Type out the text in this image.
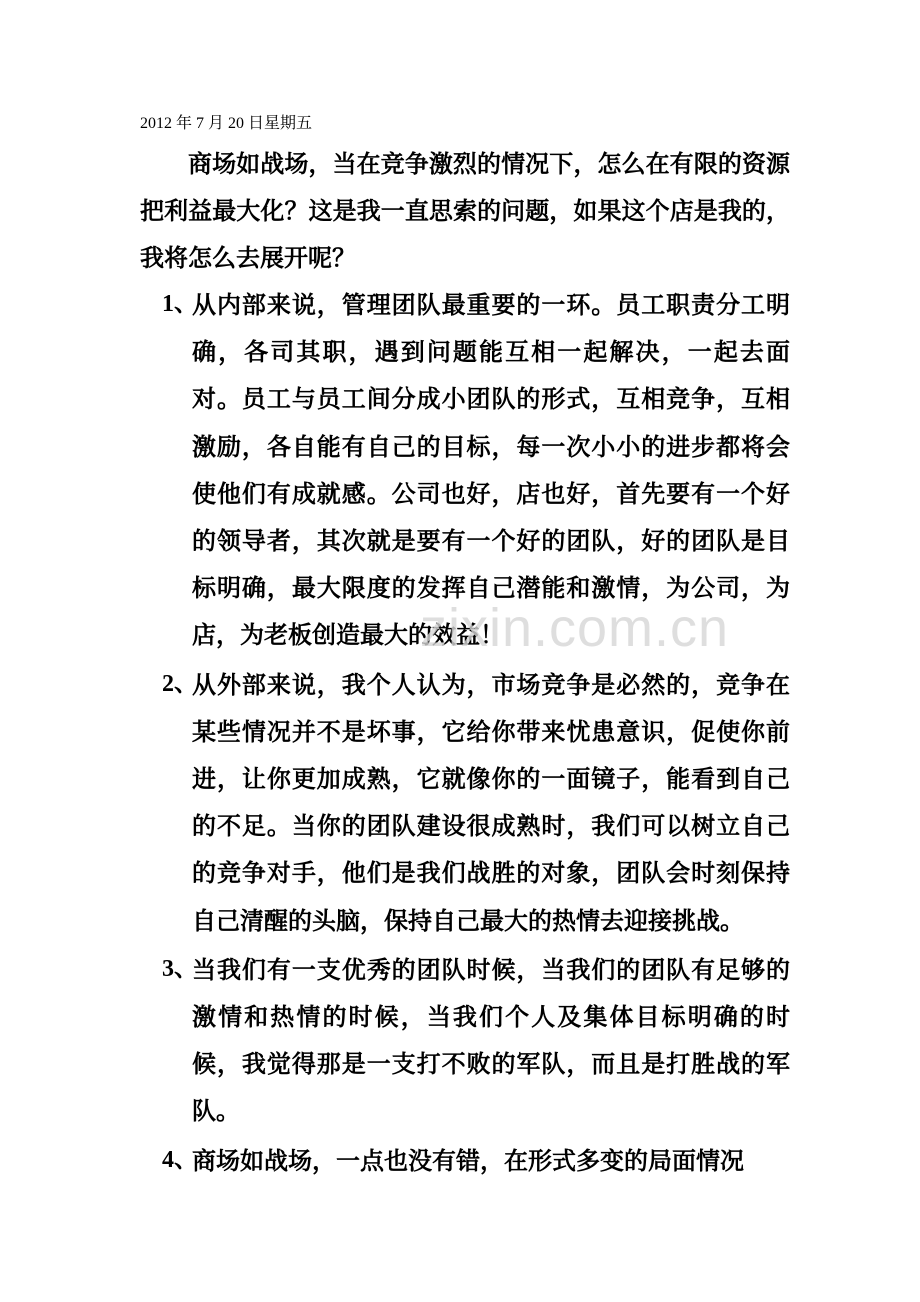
2012 年 7 月 20 日星期五

商场如战场，当在竞争激烈的情况下，怎么在有限的资源把利益最大化？这是我一直思索的问题，如果这个店是我的，我将怎么去展开呢？

1、
从内部来说，管理团队最重要的一环。员工职责分工明确，各司其职，遇到问题能互相一起解决，一起去面对。员工与员工间分成小团队的形式，互相竞争，互相激励，各自能有自己的目标，每一次小小的进步都将会使他们有成就感。公司也好，店也好，首先要有一个好的领导者，其次就是要有一个好的团队，好的团队是目标明确，最大限度的发挥自己潜能和激情，为公司，为店，为老板创造最大的效益！
2、
从外部来说，我个人认为，市场竞争是必然的，竞争在某些情况并不是坏事，它给你带来忧患意识，促使你前进，让你更加成熟，它就像你的一面镜子，能看到自己的不足。当你的团队建设很成熟时，我们可以树立自己的竞争对手，他们是我们战胜的对象，团队会时刻保持自己清醒的头脑，保持自己最大的热情去迎接挑战。
3、
当我们有一支优秀的团队时候，当我们的团队有足够的激情和热情的时候，当我们个人及集体目标明确的时候，我觉得那是一支打不败的军队，而且是打胜战的军队。
4、
商场如战场，一点也没有错，在形式多变的局面情况
zixin.com.cn
